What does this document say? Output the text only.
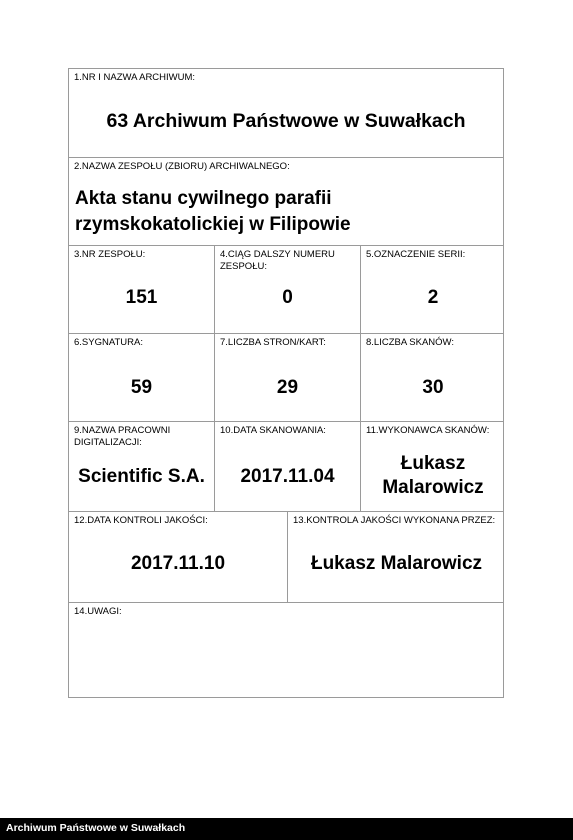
1.NR I NAZWA ARCHIWUM:
63 Archiwum Państwowe w Suwałkach
2.NAZWA ZESPOŁU (ZBIORU) ARCHIWALNEGO:
Akta stanu cywilnego parafii rzymskokatolickiej w Filipowie
3.NR ZESPOŁU:
151
4.CIĄG DALSZY NUMERU ZESPOŁU:
0
5.OZNACZENIE SERII:
2
6.SYGNATURA:
59
7.LICZBA STRON/KART:
29
8.LICZBA SKANÓW:
30
9.NAZWA PRACOWNI DIGITALIZACJI:
Scientific S.A.
10.DATA SKANOWANIA:
2017.11.04
11.WYKONAWCA SKANÓW:
Łukasz Malarowicz
12.DATA KONTROLI JAKOŚCI:
2017.11.10
13.KONTROLA JAKOŚCI WYKONANA PRZEZ:
Łukasz Malarowicz
14.UWAGI:
Archiwum Państwowe w Suwałkach
